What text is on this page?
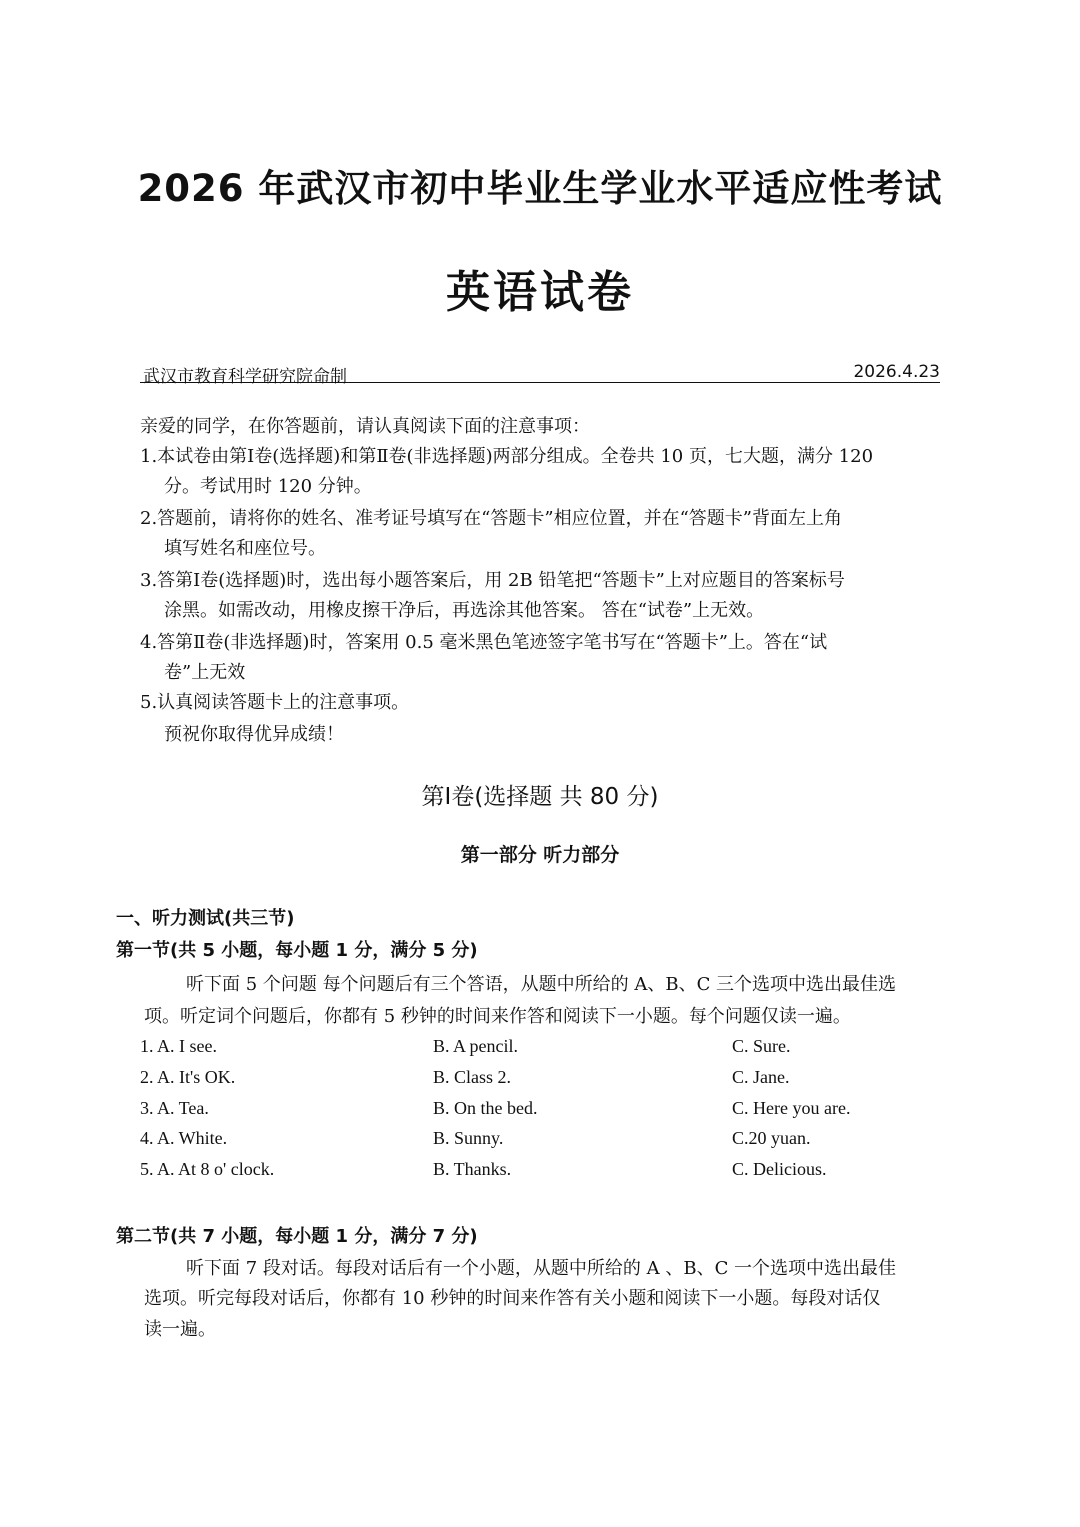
2026 年武汉市初中毕业生学业水平适应性考试
英语试卷
武汉市教育科学研究院命制	2026.4.23
亲爱的同学，在你答题前，请认真阅读下面的注意事项：
1.本试卷由第Ⅰ卷(选择题)和第Ⅱ卷(非选择题)两部分组成。全卷共 10 页，七大题，满分 120
分。考试用时 120 分钟。
2.答题前，请将你的姓名、准考证号填写在“答题卡”相应位置，并在“答题卡”背面左上角
填写姓名和座位号。
3.答第Ⅰ卷(选择题)时，选出每小题答案后，用 2B 铅笔把“答题卡”上对应题目的答案标号
涂黑。如需改动，用橡皮擦干净后，再选涂其他答案。 答在“试卷”上无效。
4.答第Ⅱ卷(非选择题)时，答案用 0.5 毫米黑色笔迹签字笔书写在“答题卡”上。答在“试
卷”上无效
5.认真阅读答题卡上的注意事项。
预祝你取得优异成绩！
第Ⅰ卷(选择题 共 80 分)
第一部分 听力部分
一、听力测试(共三节)
第一节(共 5 小题，每小题 1 分，满分 5 分)
听下面 5 个问题 每个问题后有三个答语，从题中所给的 A、B、C 三个选项中选出最佳选
项。听定词个问题后，你都有 5 秒钟的时间来作答和阅读下一小题。每个问题仅读一遍。
1. A. I see.	B. A pencil.	C. Sure.
2. A. It's OK.	B. Class 2.	C. Jane.
3. A. Tea.	B. On the bed.	C. Here you are.
4. A. White.	B. Sunny.	C.20 yuan.
5. A. At 8 o' clock.	B. Thanks.	C. Delicious.
第二节(共 7 小题，每小题 1 分，满分 7 分)
听下面 7 段对话。每段对话后有一个小题，从题中所给的 A 、B、C 一个选项中选出最佳
选项。听完每段对话后，你都有 10 秒钟的时间来作答有关小题和阅读下一小题。每段对话仅
读一遍。
